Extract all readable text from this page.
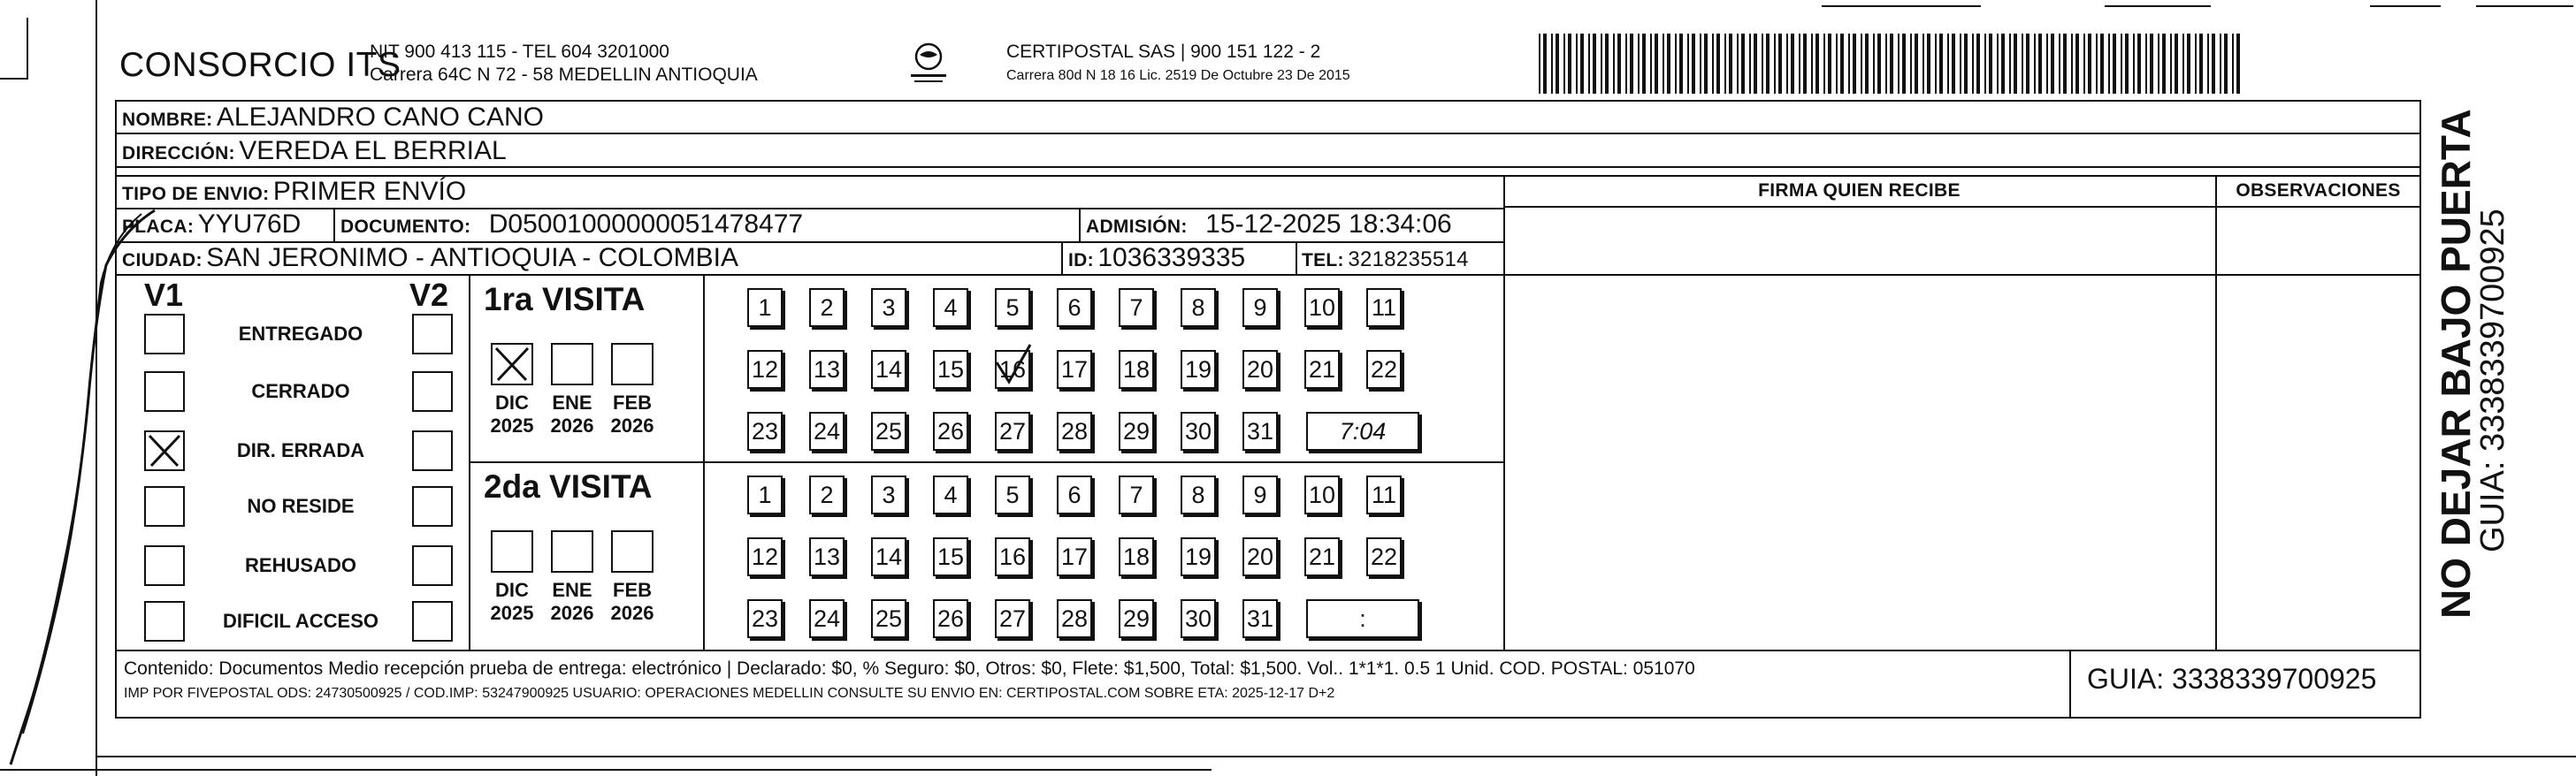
CONSORCIO ITS
NIT 900 413 115 - TEL 604 3201000
Carrera 64C N 72 - 58 MEDELLIN ANTIOQUIA
CERTIPOSTAL SAS | 900 151 122 - 2
Carrera 80d N 18 16 Lic. 2519 De Octubre 23 De 2015
NOMBRE: ALEJANDRO CANO CANO
DIRECCIÓN: VEREDA EL BERRIAL
TIPO DE ENVIO: PRIMER ENVÍO
PLACA: YYU76D DOCUMENTO: D05001000000051478477	ADMISIÓN: 15-12-2025 18:34:06
CIUDAD: SAN JERONIMO - ANTIOQUIA - COLOMBIA	ID: 1036339335	TEL: 3218235514
FIRMA QUIEN RECIBE	OBSERVACIONES
V1	V2
ENTREGADO
CERRADO
DIR. ERRADA
NO RESIDE
REHUSADO
DIFICIL ACCESO
1ra VISITA
DIC
2025
ENE
2026
FEB
2026
1	2	3	4	5	6	7	8	9	10 11
12 13 14 15 16 17 18 19 20 21 22
23 24 25 26 27 28 29 30 31	7:04
2da VISITA
DIC
2025
ENE
2026
FEB
2026
1	2	3	4	5	6	7	8	9	10 11
12 13 14 15 16 17 18 19 20 21 22
23 24 25 26 27 28 29 30 31	:
Contenido: Documentos Medio recepción prueba de entrega: electrónico | Declarado: $0, % Seguro: $0, Otros: $0, Flete: $1,500, Total: $1,500. Vol.. 1*1*1. 0.5 1 Unid. COD. POSTAL: 051070
IMP POR FIVEPOSTAL ODS: 24730500925 / COD.IMP: 53247900925 USUARIO: OPERACIONES MEDELLIN CONSULTE SU ENVIO EN: CERTIPOSTAL.COM SOBRE ETA: 2025-12-17 D+2	GUIA: 3338339700925
NO DEJAR BAJO PUERTA
GUIA: 3338339700925
